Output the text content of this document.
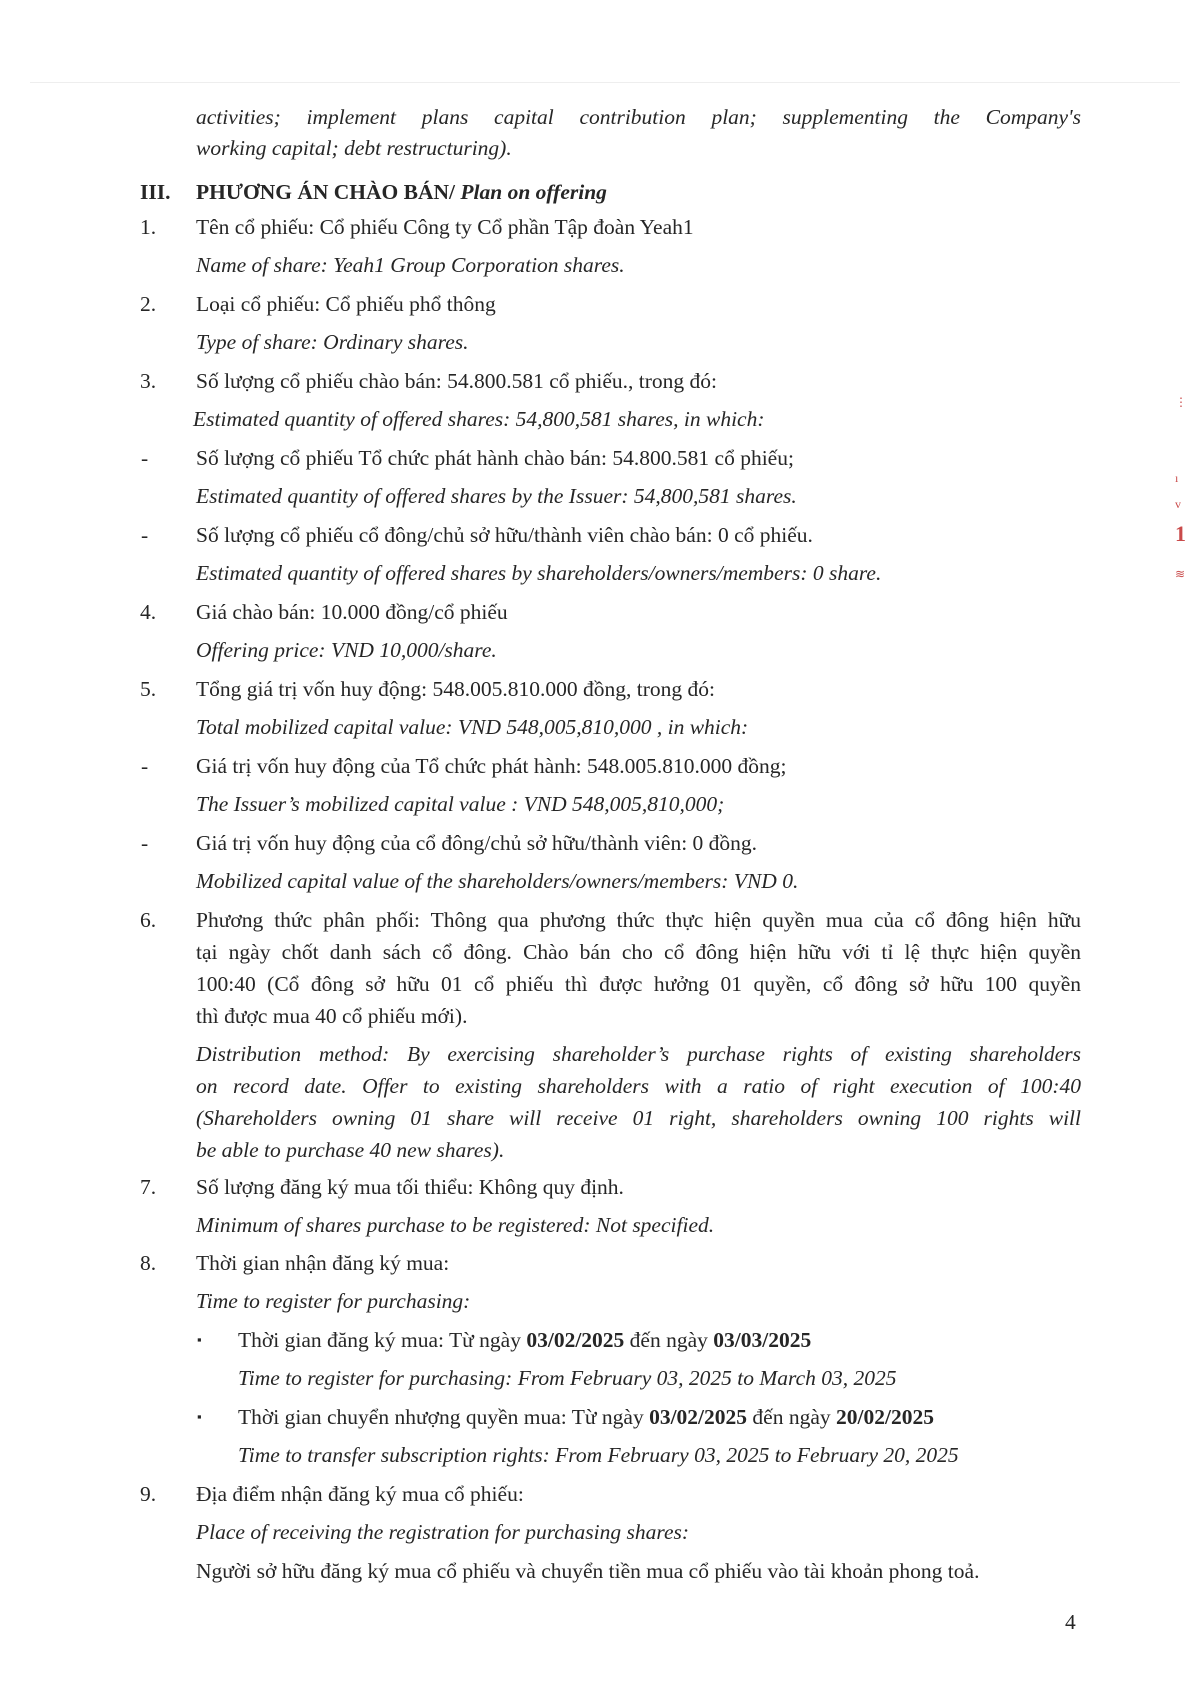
activities; implement plans capital contribution plan; supplementing the Company's
working capital; debt restructuring).
III. PHƯƠNG ÁN CHÀO BÁN/ Plan on offering
1. Tên cổ phiếu: Cổ phiếu Công ty Cổ phần Tập đoàn Yeah1
Name of share: Yeah1 Group Corporation shares.
2. Loại cổ phiếu: Cổ phiếu phổ thông
Type of share: Ordinary shares.
3. Số lượng cổ phiếu chào bán: 54.800.581 cổ phiếu., trong đó:
Estimated quantity of offered shares: 54,800,581 shares, in which:
- Số lượng cổ phiếu Tổ chức phát hành chào bán: 54.800.581 cổ phiếu;
Estimated quantity of offered shares by the Issuer: 54,800,581 shares.
- Số lượng cổ phiếu cổ đông/chủ sở hữu/thành viên chào bán: 0 cổ phiếu.
Estimated quantity of offered shares by shareholders/owners/members: 0 share.
4. Giá chào bán: 10.000 đồng/cổ phiếu
Offering price: VND 10,000/share.
5. Tổng giá trị vốn huy động: 548.005.810.000 đồng, trong đó:
Total mobilized capital value: VND 548,005,810,000 , in which:
- Giá trị vốn huy động của Tổ chức phát hành: 548.005.810.000 đồng;
The Issuer’s mobilized capital value : VND 548,005,810,000;
- Giá trị vốn huy động của cổ đông/chủ sở hữu/thành viên: 0 đồng.
Mobilized capital value of the shareholders/owners/members: VND 0.
6. Phương thức phân phối: Thông qua phương thức thực hiện quyền mua của cổ đông hiện hữu
tại ngày chốt danh sách cổ đông. Chào bán cho cổ đông hiện hữu với tỉ lệ thực hiện quyền
100:40 (Cổ đông sở hữu 01 cổ phiếu thì được hưởng 01 quyền, cổ đông sở hữu 100 quyền
thì được mua 40 cổ phiếu mới).
Distribution method: By exercising shareholder’s purchase rights of existing shareholders
on record date. Offer to existing shareholders with a ratio of right execution of 100:40
(Shareholders owning 01 share will receive 01 right, shareholders owning 100 rights will
be able to purchase 40 new shares).
7. Số lượng đăng ký mua tối thiểu: Không quy định.
Minimum of shares purchase to be registered: Not specified.
8. Thời gian nhận đăng ký mua:
Time to register for purchasing:
▪ Thời gian đăng ký mua: Từ ngày 03/02/2025 đến ngày 03/03/2025
Time to register for purchasing: From February 03, 2025 to March 03, 2025
▪ Thời gian chuyển nhượng quyền mua: Từ ngày 03/02/2025 đến ngày 20/02/2025
Time to transfer subscription rights: From February 03, 2025 to February 20, 2025
9. Địa điểm nhận đăng ký mua cổ phiếu:
Place of receiving the registration for purchasing shares:
Người sở hữu đăng ký mua cổ phiếu và chuyển tiền mua cổ phiếu vào tài khoản phong toả.
4
⋮
ı
v
1
≋
